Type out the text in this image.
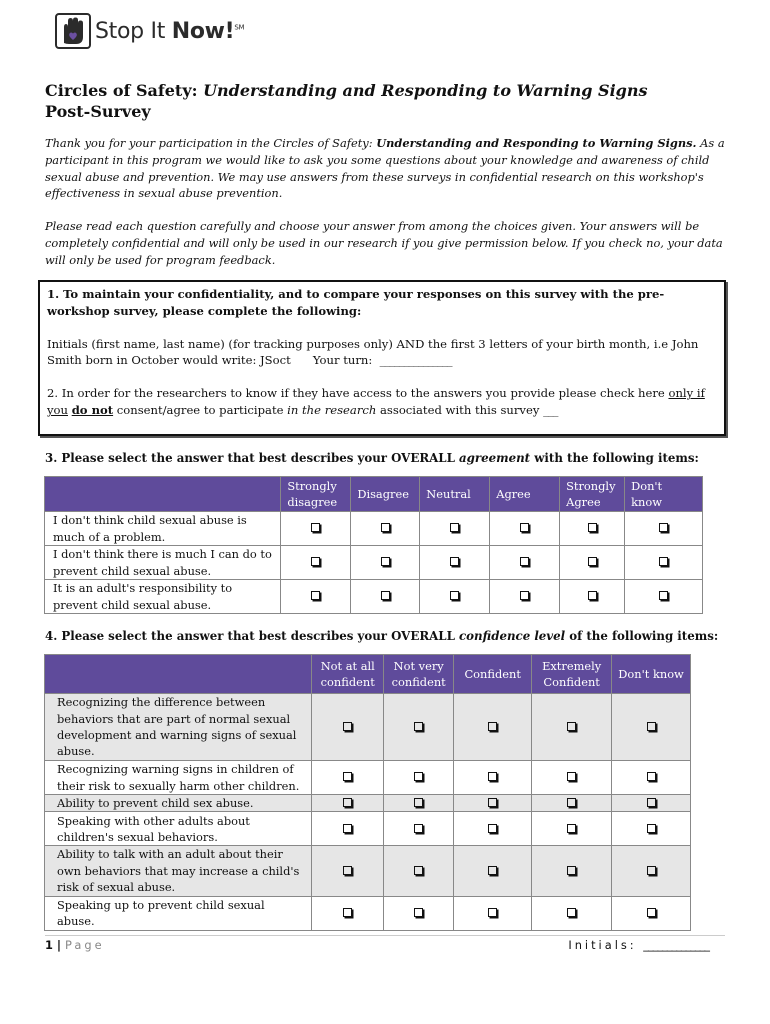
Stop It Now!℠
Circles of Safety: Understanding and Responding to Warning Signs
Post-Survey
Thank you for your participation in the Circles of Safety: Understanding and Responding to Warning Signs. As a participant in this program we would like to ask you some questions about your knowledge and awareness of child sexual abuse and prevention. We may use answers from these surveys in confidential research on this workshop's effectiveness in sexual abuse prevention.
Please read each question carefully and choose your answer from among the choices given. Your answers will be completely confidential and will only be used in our research if you give permission below. If you check no, your data will only be used for program feedback.
1. To maintain your confidentiality, and to compare your responses on this survey with the pre-workshop survey, please complete the following:
Initials (first name, last name) (for tracking purposes only) AND the first 3 letters of your birth month, i.e John Smith born in October would write: JSoct Your turn: _______________
2. In order for the researchers to know if they have access to the answers you provide please check here only if you do not consent/agree to participate in the research associated with this survey ___
3. Please select the answer that best describes your OVERALL agreement with the following items:
	Strongly disagree	Disagree	Neutral	Agree	Strongly Agree	Don't know
I don't think child sexual abuse is much of a problem.						
I don't think there is much I can do to prevent child sexual abuse.						
It is an adult's responsibility to prevent child sexual abuse.						
4. Please select the answer that best describes your OVERALL confidence level of the following items:
	Not at all confident	Not very confident	Confident	Extremely Confident	Don't know
Recognizing the difference between behaviors that are part of normal sexual development and warning signs of sexual abuse.					
Recognizing warning signs in children of their risk to sexually harm other children.					
Ability to prevent child sex abuse.					
Speaking with other adults about children's sexual behaviors.					
Ability to talk with an adult about their own behaviors that may increase a child's risk of sexual abuse.					
Speaking up to prevent child sexual abuse.					
1 | Page	Initials: ______________
